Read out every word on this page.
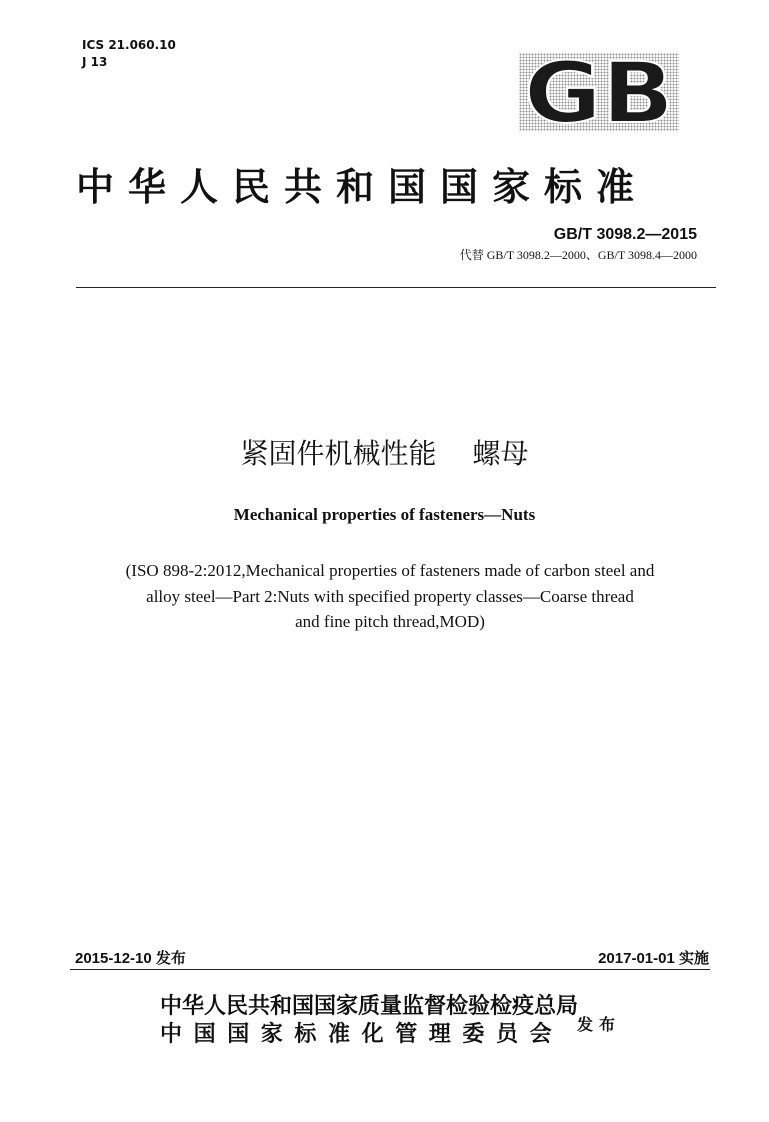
ICS 21.060.10
J 13	GB
中华人民共和国国家标准
GB/T 3098.2—2015
代替 GB/T 3098.2—2000、GB/T 3098.4—2000
紧固件机械性能 螺母
Mechanical properties of fasteners—Nuts
(ISO 898-2:2012,Mechanical properties of fasteners made of carbon steel and
alloy steel—Part 2:Nuts with specified property classes—Coarse thread
and fine pitch thread,MOD)
2015-12-10 发布	2017-01-01 实施
中华人民共和国国家质量监督检验检疫总局
中国国家标准化管理委员会 发布
